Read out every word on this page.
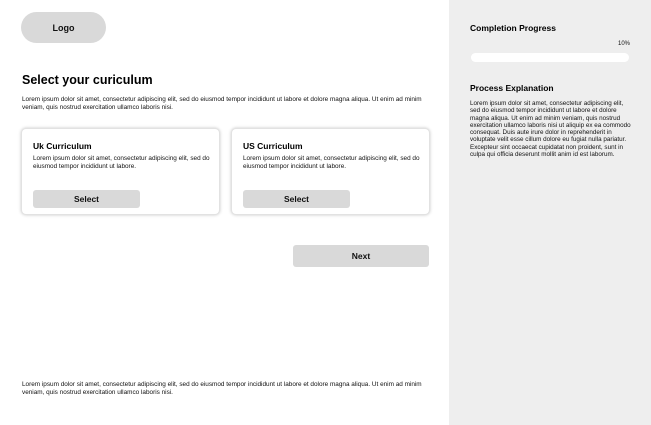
Logo
Select your curiculum

Lorem ipsum dolor sit amet, consectetur adipiscing elit, sed do eiusmod tempor incididunt ut labore et dolore magna aliqua. Ut enim ad minim veniam, quis nostrud exercitation ullamco laboris nisi.

Uk Curriculum
Lorem ipsum dolor sit amet, consectetur adipiscing elit, sed do eiusmod tempor incididunt ut labore.
Select
US Curriculum
Lorem ipsum dolor sit amet, consectetur adipiscing elit, sed do eiusmod tempor incididunt ut labore.
Select
Next

Lorem ipsum dolor sit amet, consectetur adipiscing elit, sed do eiusmod tempor incididunt ut labore et dolore magna aliqua. Ut enim ad minim veniam, quis nostrud exercitation ullamco laboris nisi.

Completion Progress
10%
Process Explanation

Lorem ipsum dolor sit amet, consectetur adipiscing elit, sed do eiusmod tempor incididunt ut labore et dolore magna aliqua. Ut enim ad minim veniam, quis nostrud exercitation ullamco laboris nisi ut aliquip ex ea commodo consequat. Duis aute irure dolor in reprehenderit in voluptate velit esse cillum dolore eu fugiat nulla pariatur. Excepteur sint occaecat cupidatat non proident, sunt in culpa qui officia deserunt mollit anim id est laborum.
